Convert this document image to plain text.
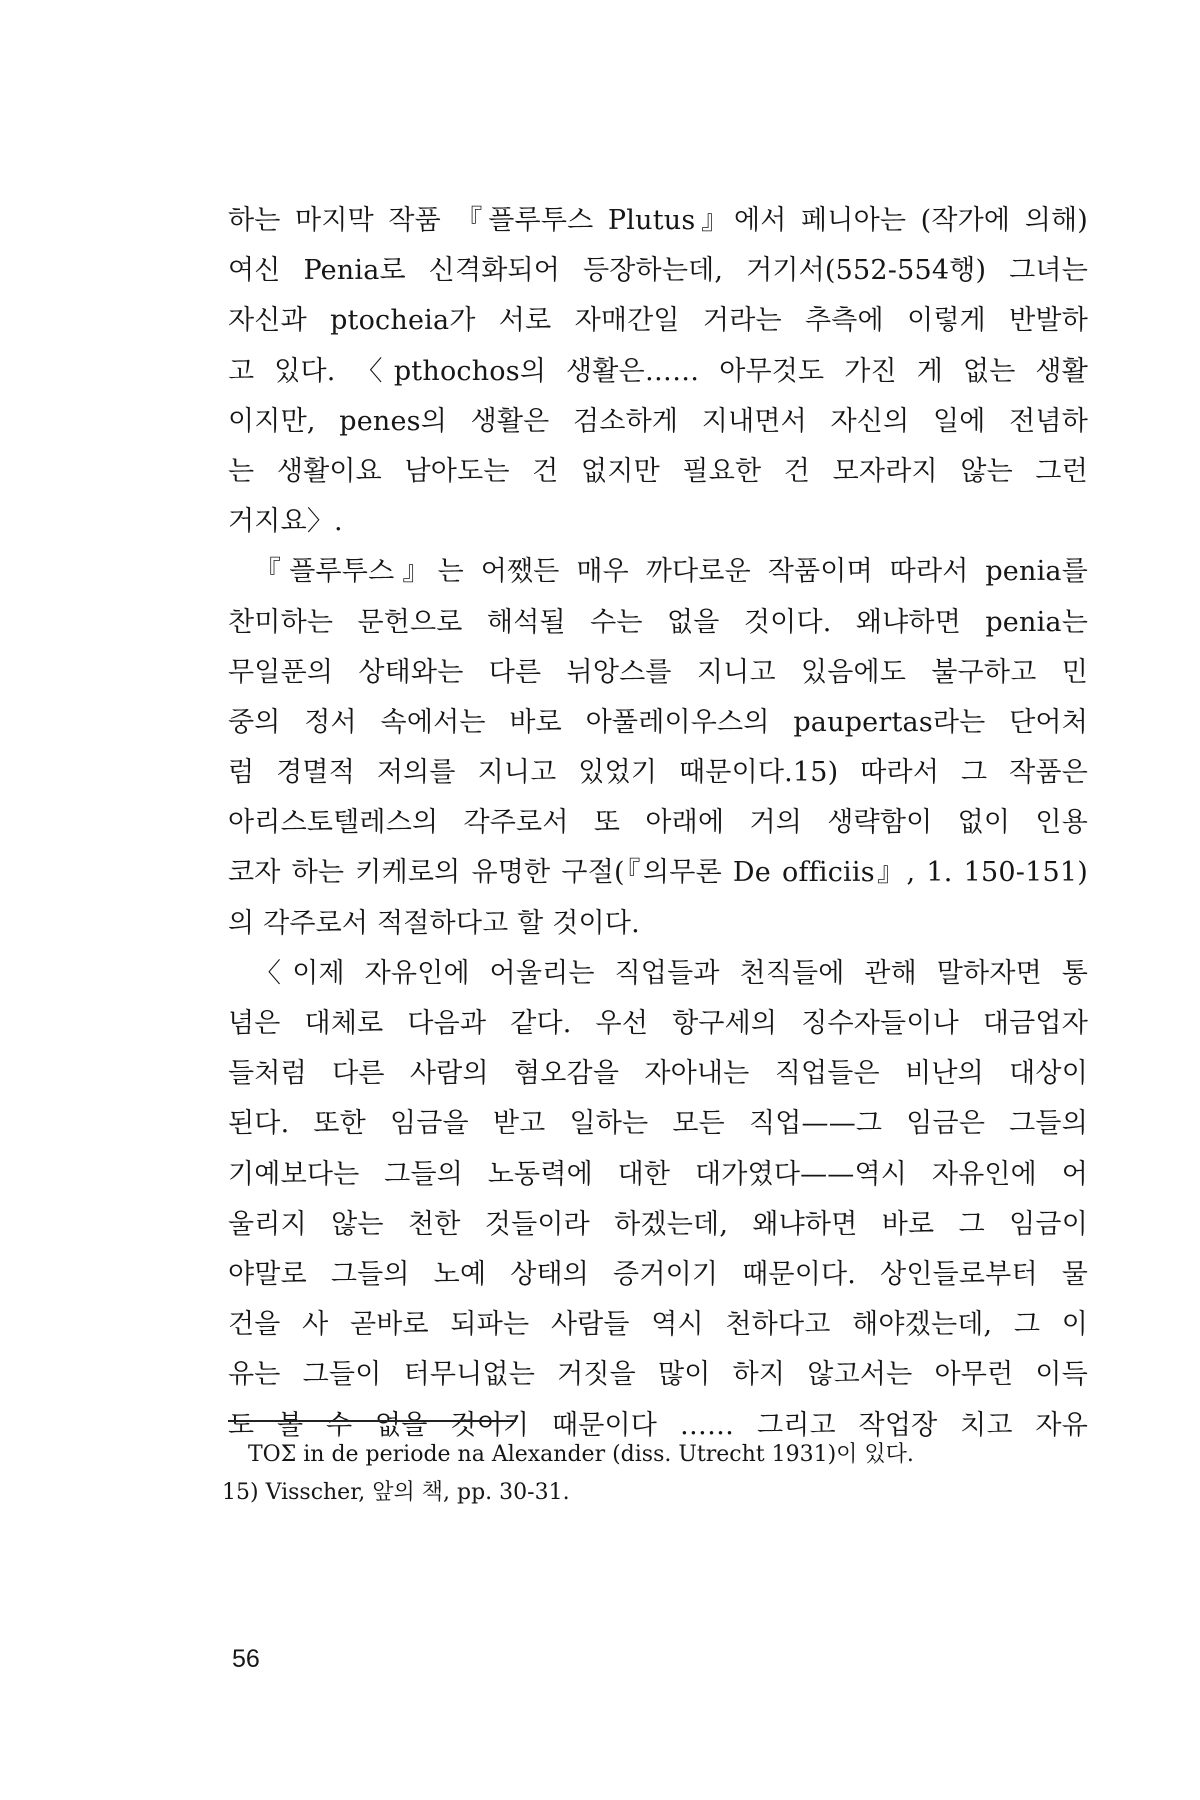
하는 마지막 작품 『플루투스 Plutus』에서 페니아는 (작가에 의해)
여신 Penia로 신격화되어 등장하는데, 거기서(552-554행) 그녀는
자신과 ptocheia가 서로 자매간일 거라는 추측에 이렇게 반발하
고 있다. 〈pthochos의 생활은…… 아무것도 가진 게 없는 생활
이지만, penes의 생활은 검소하게 지내면서 자신의 일에 전념하
는 생활이요 남아도는 건 없지만 필요한 건 모자라지 않는 그런
거지요〉.
『플루투스』는 어쨌든 매우 까다로운 작품이며 따라서 penia를
찬미하는 문헌으로 해석될 수는 없을 것이다. 왜냐하면 penia는
무일푼의 상태와는 다른 뉘앙스를 지니고 있음에도 불구하고 민
중의 정서 속에서는 바로 아풀레이우스의 paupertas라는 단어처
럼 경멸적 저의를 지니고 있었기 때문이다.15) 따라서 그 작품은
아리스토텔레스의 각주로서 또 아래에 거의 생략함이 없이 인용
코자 하는 키케로의 유명한 구절(『의무론 De officiis』, 1. 150-151)
의 각주로서 적절하다고 할 것이다.
〈이제 자유인에 어울리는 직업들과 천직들에 관해 말하자면 통
념은 대체로 다음과 같다. 우선 항구세의 징수자들이나 대금업자
들처럼 다른 사람의 혐오감을 자아내는 직업들은 비난의 대상이
된다. 또한 임금을 받고 일하는 모든 직업——그 임금은 그들의
기예보다는 그들의 노동력에 대한 대가였다——역시 자유인에 어
울리지 않는 천한 것들이라 하겠는데, 왜냐하면 바로 그 임금이
야말로 그들의 노예 상태의 증거이기 때문이다. 상인들로부터 물
건을 사 곧바로 되파는 사람들 역시 천하다고 해야겠는데, 그 이
유는 그들이 터무니없는 거짓을 많이 하지 않고서는 아무런 이득
도 볼 수 없을 것이기 때문이다 …… 그리고 작업장 치고 자유
ΤΟΣ in de periode na Alexander (diss. Utrecht 1931)이 있다.
15) Visscher, 앞의 책, pp. 30-31.
56
